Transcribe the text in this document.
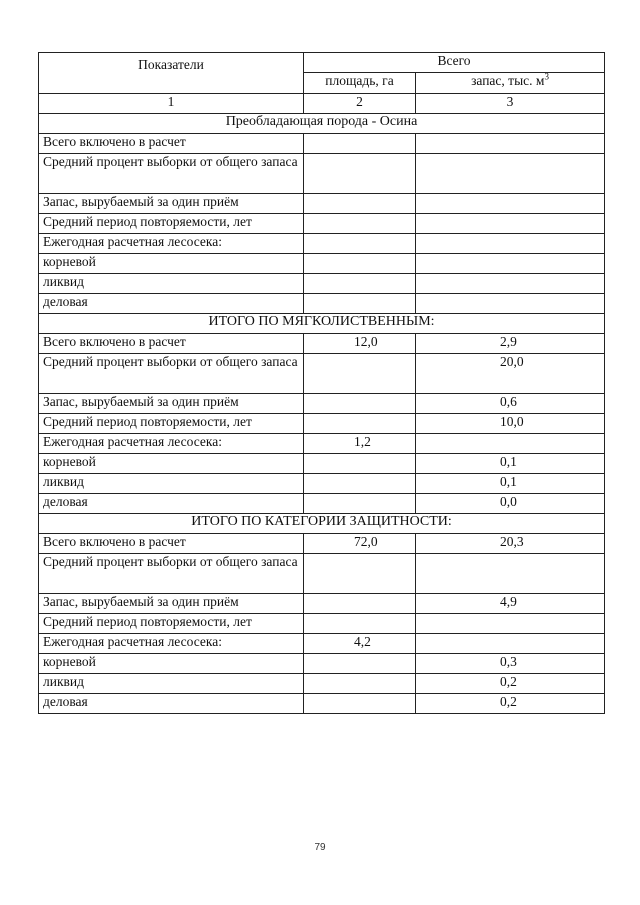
Показатели	Всего	
	площадь, га	запас, тыс. $м^3$
1	2	3
Преобладающая порода - Осина		
Всего включено в расчет		
Средний процент выборки от общего запаса		
Запас, вырубаемый за один приём		
Средний период повторяемости, лет		
Ежегодная расчетная лесосека:		
корневой		
ликвид		
деловая		
ИТОГО ПО МЯГКОЛИСТВЕННЫМ:		
Всего включено в расчет	12,0	2,9
Средний процент выборки от общего запаса		20,0
Запас, вырубаемый за один приём		0,6
Средний период повторяемости, лет		10,0
Ежегодная расчетная лесосека:	1,2	
корневой		0,1
ликвид		0,1
деловая		0,0
ИТОГО ПО КАТЕГОРИИ ЗАЩИТНОСТИ:		
Всего включено в расчет	72,0	20,3
Средний процент выборки от общего запаса		
Запас, вырубаемый за один приём		4,9
Средний период повторяемости, лет		
Ежегодная расчетная лесосека:	4,2	
корневой		0,3
ликвид		0,2
деловая		0,2
79
